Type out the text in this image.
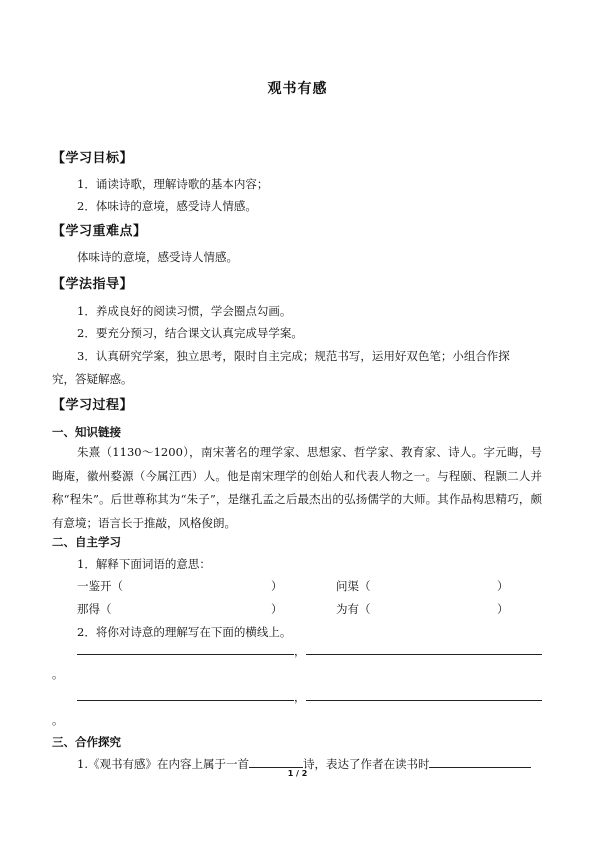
观书有感
【学习目标】
1．诵读诗歌，理解诗歌的基本内容；
2．体味诗的意境，感受诗人情感。
【学习重难点】
体味诗的意境，感受诗人情感。
【学法指导】
1．养成良好的阅读习惯，学会圈点勾画。
2．要充分预习，结合课文认真完成导学案。
3．认真研究学案，独立思考，限时自主完成；规范书写，运用好双色笔；小组合作探
究，答疑解惑。
【学习过程】
一、知识链接
朱熹（1130～1200），南宋著名的理学家、思想家、哲学家、教育家、诗人。字元晦，号晦庵，徽州婺源（今属江西）人。他是南宋理学的创始人和代表人物之一。与程颐、程颢二人并称“程朱”。后世尊称其为“朱子”，是继孔孟之后最杰出的弘扬儒学的大师。其作品构思精巧，颇有意境；语言长于推敲，风格俊朗。
二、自主学习
1．解释下面词语的意思：
一鉴开（	）	问渠（	）
那得（	）	为有（	）
2．将你对诗意的理解写在下面的横线上。
，
。
，
。
三、合作探究
1.《观书有感》在内容上属于一首	诗，表达了作者在读书时
1 / 2
